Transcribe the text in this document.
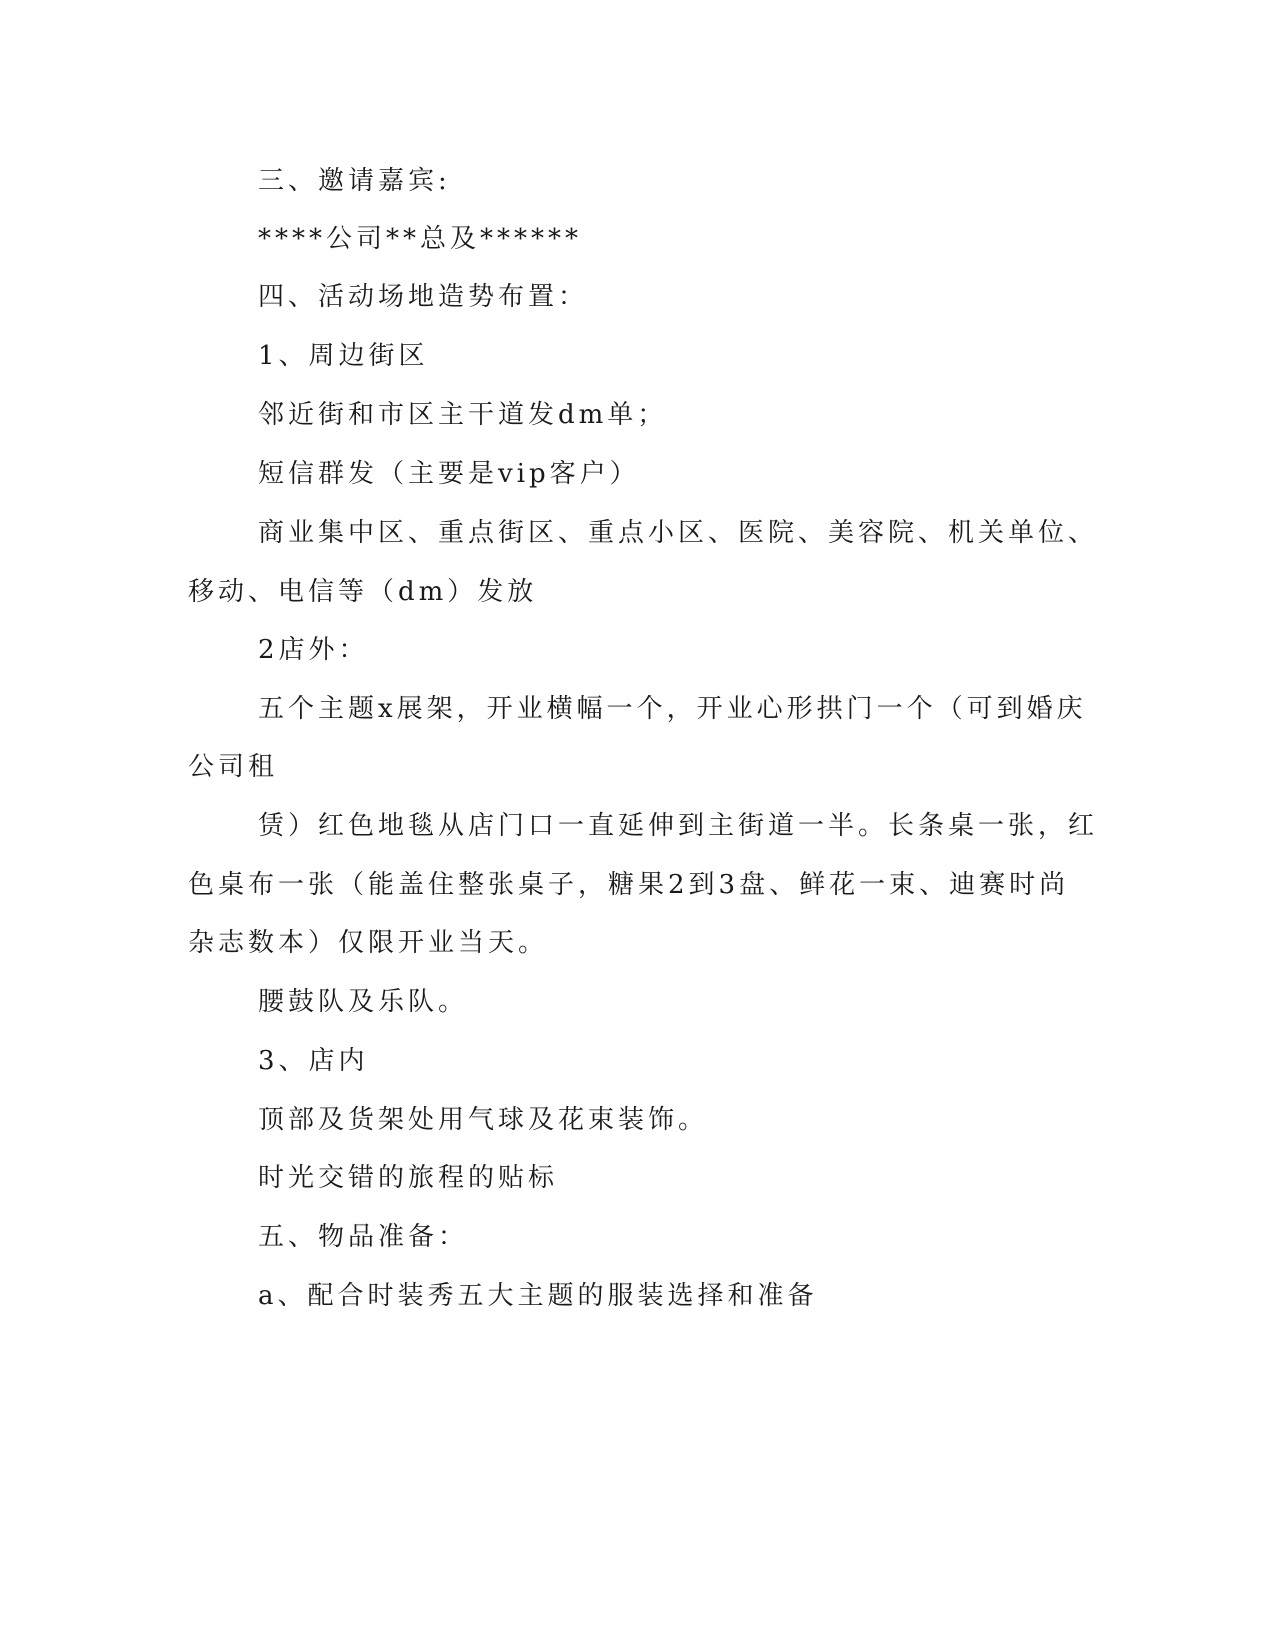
三、邀请嘉宾:

****公司**总及******

四、活动场地造势布置：

1、周边街区

邻近街和市区主干道发dm单；

短信群发（主要是vip客户）

商业集中区、重点街区、重点小区、医院、美容院、机关单位、

移动、电信等（dm）发放

2店外：

五个主题x展架，开业横幅一个，开业心形拱门一个（可到婚庆

公司租

赁）红色地毯从店门口一直延伸到主街道一半。长条桌一张，红

色桌布一张（能盖住整张桌子，糖果2到3盘、鲜花一束、迪赛时尚

杂志数本）仅限开业当天。

腰鼓队及乐队。

3、店内

顶部及货架处用气球及花束装饰。

时光交错的旅程的贴标

五、物品准备：

a、配合时装秀五大主题的服装选择和准备
